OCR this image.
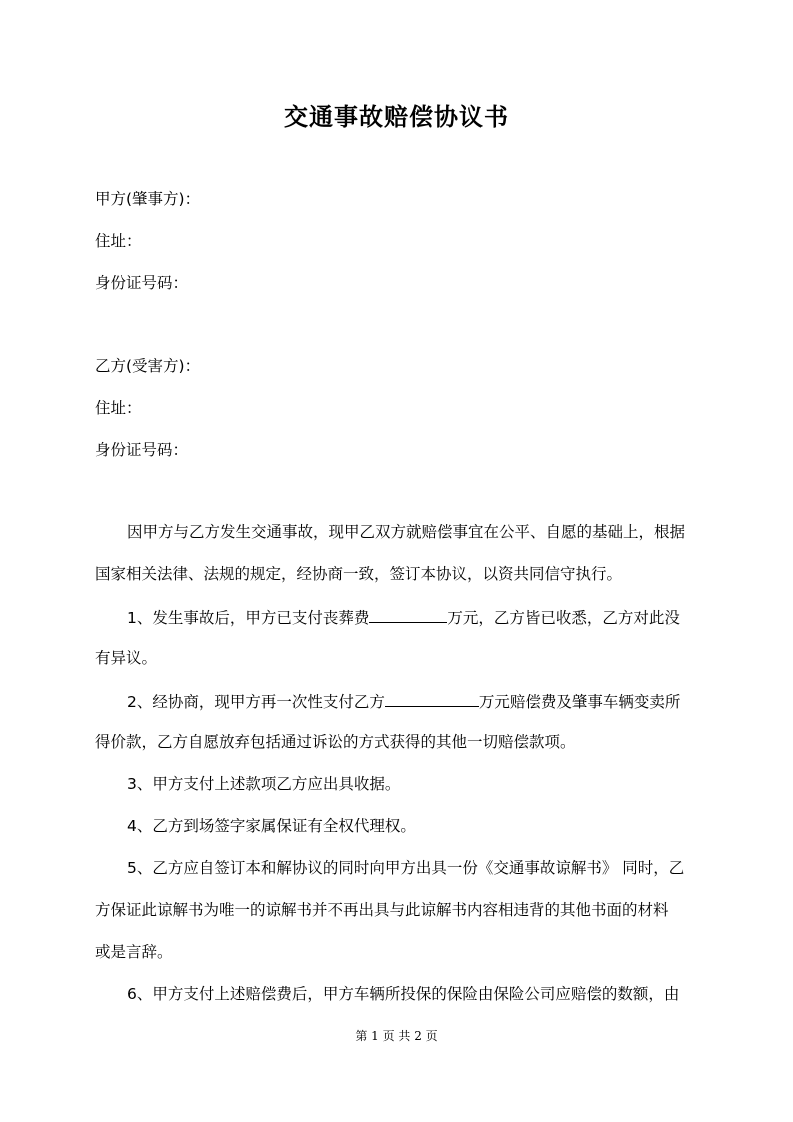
交通事故赔偿协议书
甲方(肇事方)：
住址：
身份证号码：
乙方(受害方)：
住址：
身份证号码：
因甲方与乙方发生交通事故，现甲乙双方就赔偿事宜在公平、自愿的基础上，根据
国家相关法律、法规的规定，经协商一致，签订本协议，以资共同信守执行。
1、发生事故后，甲方已支付丧葬费	万元，乙方皆已收悉，乙方对此没
有异议。
2、经协商，现甲方再一次性支付乙方	万元赔偿费及肇事车辆变卖所
得价款，乙方自愿放弃包括通过诉讼的方式获得的其他一切赔偿款项。
3、甲方支付上述款项乙方应出具收据。
4、乙方到场签字家属保证有全权代理权。
5、乙方应自签订本和解协议的同时向甲方出具一份《交通事故谅解书》 同时，乙
方保证此谅解书为唯一的谅解书并不再出具与此谅解书内容相违背的其他书面的材料
或是言辞。
6、甲方支付上述赔偿费后，甲方车辆所投保的保险由保险公司应赔偿的数额，由
第 1 页 共 2 页
